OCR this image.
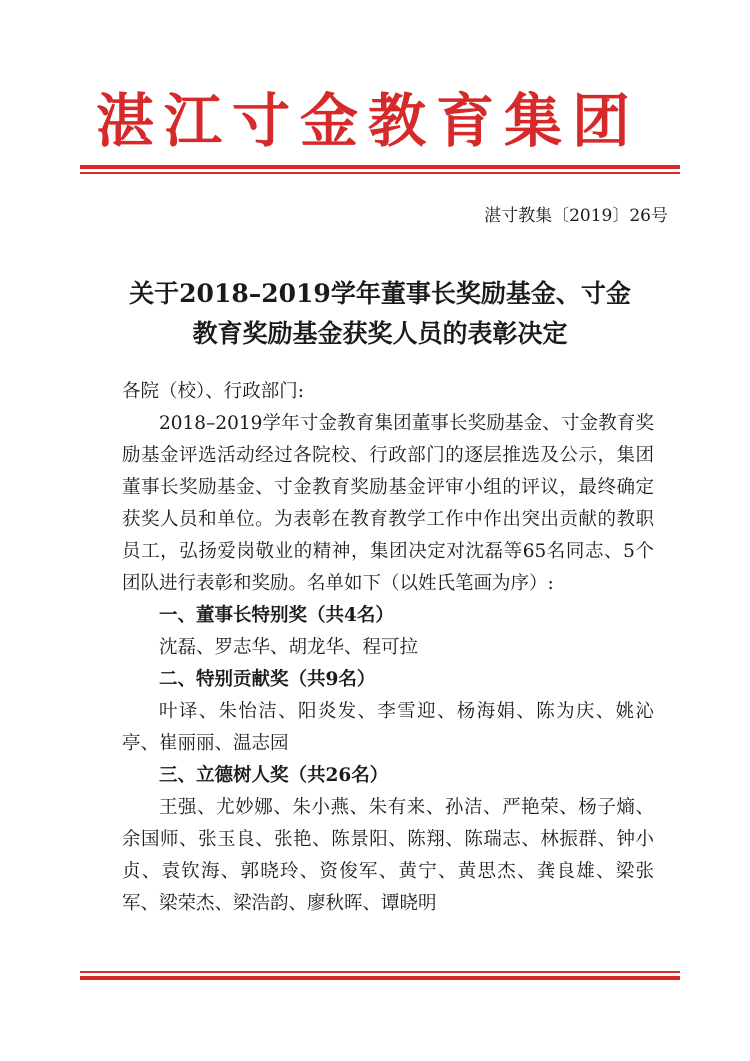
湛江寸金教育集团
湛寸教集〔2019〕26号
关于2018–2019学年董事长奖励基金、寸金
教育奖励基金获奖人员的表彰决定

各院（校）、行政部门:

2018–2019学年寸金教育集团董事长奖励基金、寸金教育奖励基金评选活动经过各院校、行政部门的逐层推选及公示，集团董事长奖励基金、寸金教育奖励基金评审小组的评议，最终确定获奖人员和单位。为表彰在教育教学工作中作出突出贡献的教职员工，弘扬爱岗敬业的精神，集团决定对沈磊等65名同志、5个团队进行表彰和奖励。名单如下（以姓氏笔画为序）:

一、董事长特别奖（共4名）

沈磊、罗志华、胡龙华、程可拉

二、特别贡献奖（共9名）

叶译、朱怡洁、阳炎发、李雪迎、杨海娟、陈为庆、姚沁亭、崔丽丽、温志园

三、立德树人奖（共26名）

王强、尤妙娜、朱小燕、朱有来、孙洁、严艳荣、杨子熵、余国师、张玉良、张艳、陈景阳、陈翔、陈瑞志、林振群、钟小贞、袁钦海、郭晓玲、资俊军、黄宁、黄思杰、龚良雄、梁张军、梁荣杰、梁浩韵、廖秋晖、谭晓明
